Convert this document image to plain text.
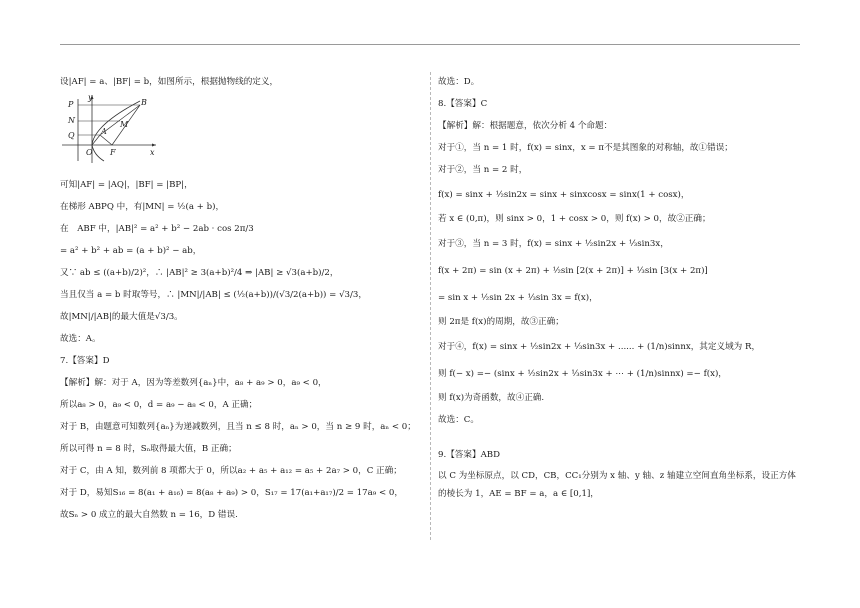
设|AF| = a、|BF| = b，如图所示，根据抛物线的定义，
y
P	B
N	M
Q	A
O F	x
可知|AF| = |AQ|，|BF| = |BP|，
在梯形 ABPQ 中，有|MN| = ½(a + b)，
在　ABF 中，|AB|² = a² + b² − 2ab · cos 2π/3
= a² + b² + ab = (a + b)² − ab，
又∵ ab ≤ ((a+b)/2)²，∴ |AB|² ≥ 3(a+b)²/4 ⇒ |AB| ≥ √3(a+b)/2，
当且仅当 a = b 时取等号，∴ |MN|/|AB| ≤ (½(a+b))/(√3/2(a+b)) = √3/3，
故|MN|/|AB|的最大值是√3/3。
故选：A。
7.【答案】D
【解析】解：对于 A，因为等差数列{aₙ}中，a₈ + a₉ > 0，a₉ < 0，
所以a₈ > 0，a₉ < 0，d = a₉ − a₈ < 0，A 正确；
对于 B，由题意可知数列{aₙ}为递减数列，且当 n ≤ 8 时，aₙ > 0，当 n ≥ 9 时，aₙ < 0；
所以可得 n = 8 时，Sₙ取得最大值，B 正确；
对于 C，由 A 知，数列前 8 项都大于 0，所以a₂ + a₅ + a₁₂ = a₅ + 2a₇ > 0，C 正确；
对于 D，易知S₁₆ = 8(a₁ + a₁₆) = 8(a₈ + a₉) > 0，S₁₇ = 17(a₁+a₁₇)/2 = 17a₉ < 0，
故Sₙ > 0 成立的最大自然数 n = 16，D 错误.
故选：D。
8.【答案】C
【解析】解：根据题意，依次分析 4 个命题：
对于①，当 n = 1 时，f(x) = sinx，x = π不是其图象的对称轴，故①错误；
对于②，当 n = 2 时，
f(x) = sinx + ½sin2x = sinx + sinxcosx = sinx(1 + cosx)，
若 x ∈ (0,π)，则 sinx > 0，1 + cosx > 0，则 f(x) > 0，故②正确；
对于③，当 n = 3 时，f(x) = sinx + ½sin2x + ⅓sin3x，
f(x + 2π) = sin (x + 2π) + ½sin [2(x + 2π)] + ⅓sin [3(x + 2π)]
= sin x + ½sin 2x + ⅓sin 3x = f(x)，
则 2π是 f(x)的周期，故③正确；
对于④，f(x) = sinx + ½sin2x + ⅓sin3x + ...... + (1/n)sinnx，其定义域为 R，
则 f(− x) =− (sinx + ½sin2x + ⅓sin3x + ⋯ + (1/n)sinnx) =− f(x)，
则 f(x)为奇函数，故④正确.
故选：C。
9.【答案】ABD
以 C 为坐标原点，以 CD，CB，CC₁分别为 x 轴、y 轴、z 轴建立空间直角坐标系，设正方体的棱长为 1，AE = BF = a，a ∈ [0,1]，
